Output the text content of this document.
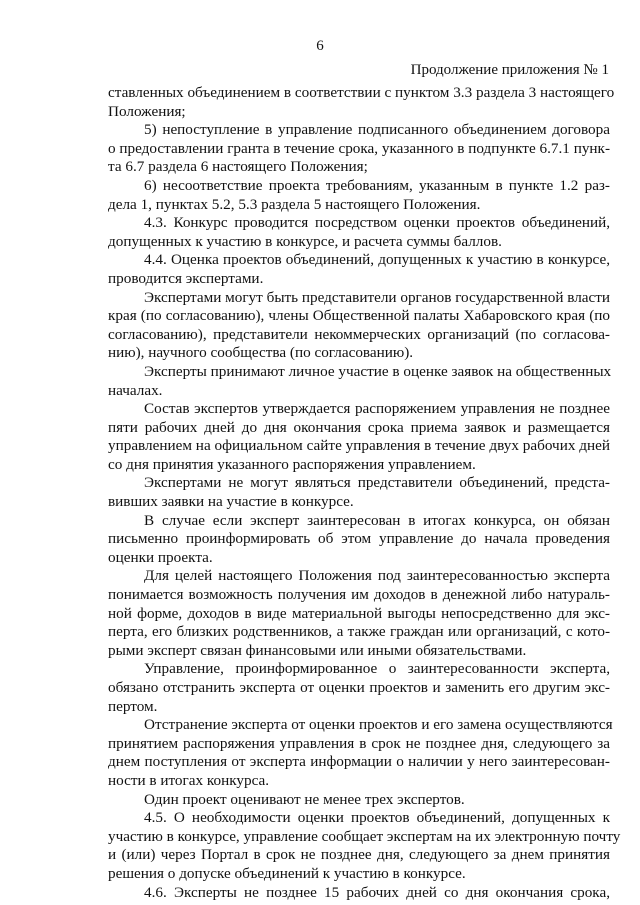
6
Продолжение приложения № 1
ставленных объединением в соответствии с пунктом 3.3 раздела 3 настоящего
Положения;
5) непоступление в управление подписанного объединением договора
о предоставлении гранта в течение срока, указанного в подпункте 6.7.1 пунк-
та 6.7 раздела 6 настоящего Положения;
6) несоответствие проекта требованиям, указанным в пункте 1.2 раз-
дела 1, пунктах 5.2, 5.3 раздела 5 настоящего Положения.
4.3. Конкурс проводится посредством оценки проектов объединений,
допущенных к участию в конкурсе, и расчета суммы баллов.
4.4. Оценка проектов объединений, допущенных к участию в конкурсе,
проводится экспертами.
Экспертами могут быть представители органов государственной власти
края (по согласованию), члены Общественной палаты Хабаровского края (по
согласованию), представители некоммерческих организаций (по согласова-
нию), научного сообщества (по согласованию).
Эксперты принимают личное участие в оценке заявок на общественных
началах.
Состав экспертов утверждается распоряжением управления не позднее
пяти рабочих дней до дня окончания срока приема заявок и размещается
управлением на официальном сайте управления в течение двух рабочих дней
со дня принятия указанного распоряжения управлением.
Экспертами не могут являться представители объединений, предста-
вивших заявки на участие в конкурсе.
В случае если эксперт заинтересован в итогах конкурса, он обязан
письменно проинформировать об этом управление до начала проведения
оценки проекта.
Для целей настоящего Положения под заинтересованностью эксперта
понимается возможность получения им доходов в денежной либо натураль-
ной форме, доходов в виде материальной выгоды непосредственно для экс-
перта, его близких родственников, а также граждан или организаций, с кото-
рыми эксперт связан финансовыми или иными обязательствами.
Управление, проинформированное о заинтересованности эксперта,
обязано отстранить эксперта от оценки проектов и заменить его другим экс-
пертом.
Отстранение эксперта от оценки проектов и его замена осуществляются
принятием распоряжения управления в срок не позднее дня, следующего за
днем поступления от эксперта информации о наличии у него заинтересован-
ности в итогах конкурса.
Один проект оценивают не менее трех экспертов.
4.5. О необходимости оценки проектов объединений, допущенных к
участию в конкурсе, управление сообщает экспертам на их электронную почту
и (или) через Портал в срок не позднее дня, следующего за днем принятия
решения о допуске объединений к участию в конкурсе.
4.6. Эксперты не позднее 15 рабочих дней со дня окончания срока,
